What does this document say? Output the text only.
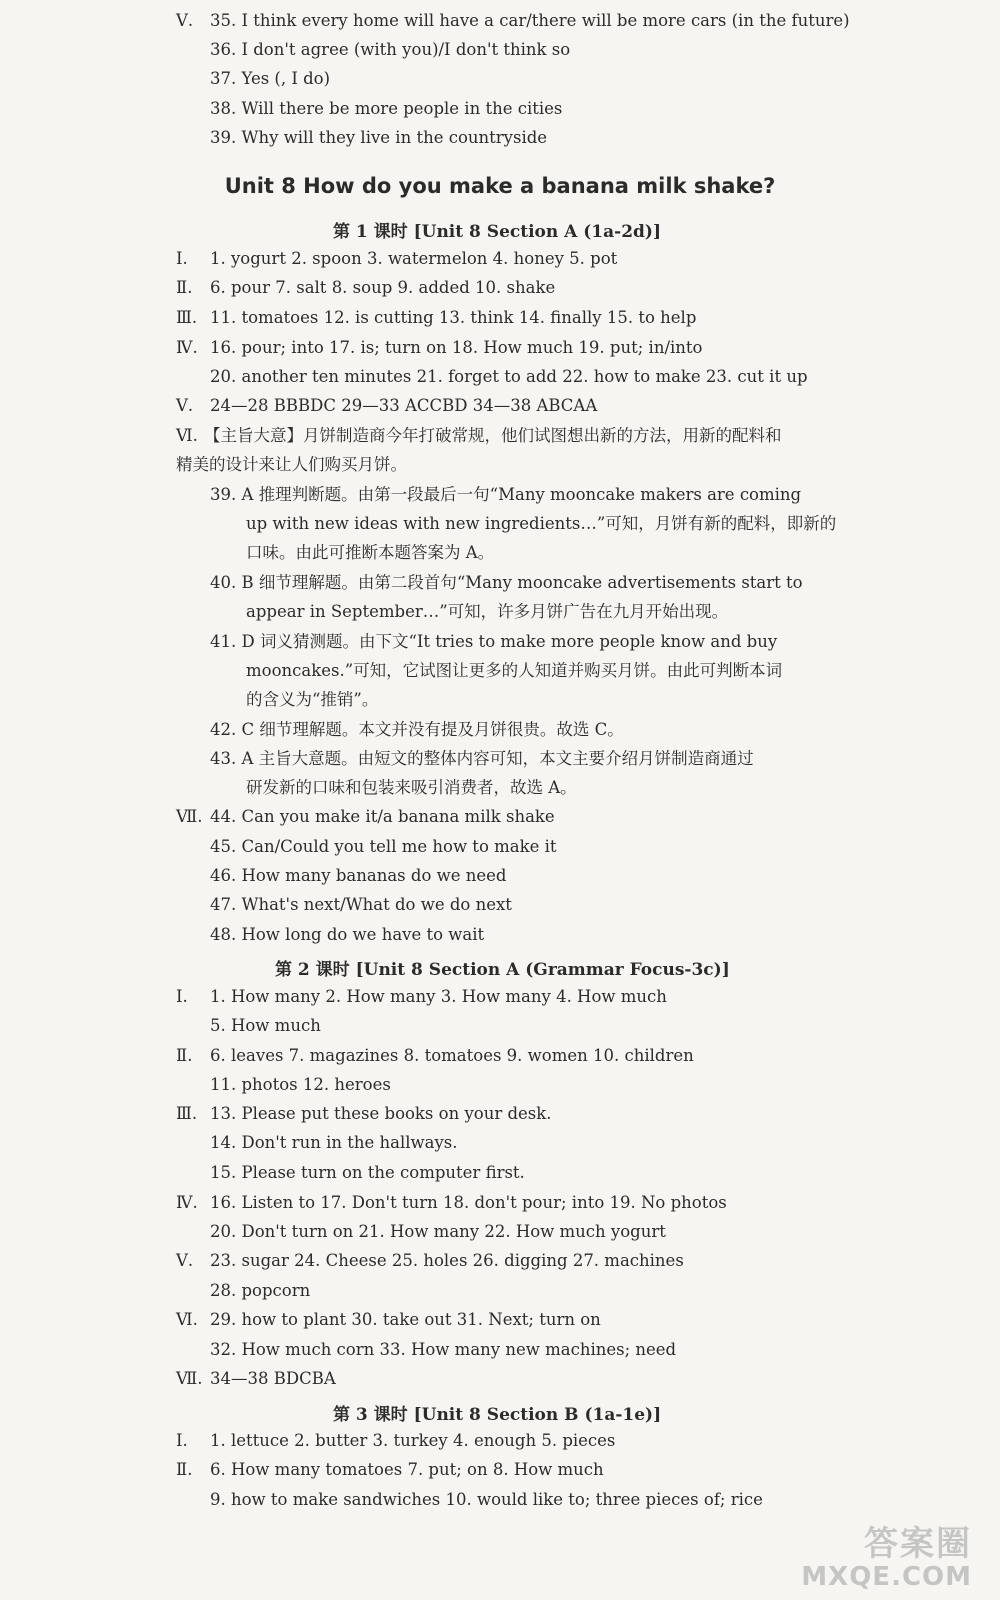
Ⅴ. 35. I think every home will have a car/there will be more cars (in the future)
36. I don't agree (with you)/I don't think so
37. Yes (, I do)
38. Will there be more people in the cities
39. Why will they live in the countryside
Unit 8 How do you make a banana milk shake?
第 1 课时 [Unit 8 Section A (1a-2d)]
Ⅰ. 1. yogurt 2. spoon 3. watermelon 4. honey 5. pot
Ⅱ. 6. pour 7. salt 8. soup 9. added 10. shake
Ⅲ. 11. tomatoes 12. is cutting 13. think 14. finally 15. to help
Ⅳ. 16. pour; into 17. is; turn on 18. How much 19. put; in/into
20. another ten minutes 21. forget to add 22. how to make 23. cut it up
Ⅴ. 24—28 BBBDC 29—33 ACCBD 34—38 ABCAA
Ⅵ. 【主旨大意】月饼制造商今年打破常规，他们试图想出新的方法，用新的配料和
精美的设计来让人们购买月饼。
39. A 推理判断题。由第一段最后一句“Many mooncake makers are coming
up with new ideas with new ingredients…”可知，月饼有新的配料，即新的
口味。由此可推断本题答案为 A。
40. B 细节理解题。由第二段首句“Many mooncake advertisements start to
appear in September…”可知，许多月饼广告在九月开始出现。
41. D 词义猜测题。由下文“It tries to make more people know and buy
mooncakes.”可知，它试图让更多的人知道并购买月饼。由此可判断本词
的含义为“推销”。
42. C 细节理解题。本文并没有提及月饼很贵。故选 C。
43. A 主旨大意题。由短文的整体内容可知，本文主要介绍月饼制造商通过
研发新的口味和包装来吸引消费者，故选 A。
Ⅶ. 44. Can you make it/a banana milk shake
45. Can/Could you tell me how to make it
46. How many bananas do we need
47. What's next/What do we do next
48. How long do we have to wait
第 2 课时 [Unit 8 Section A (Grammar Focus-3c)]
Ⅰ. 1. How many 2. How many 3. How many 4. How much
5. How much
Ⅱ. 6. leaves 7. magazines 8. tomatoes 9. women 10. children
11. photos 12. heroes
Ⅲ. 13. Please put these books on your desk.
14. Don't run in the hallways.
15. Please turn on the computer first.
Ⅳ. 16. Listen to 17. Don't turn 18. don't pour; into 19. No photos
20. Don't turn on 21. How many 22. How much yogurt
Ⅴ. 23. sugar 24. Cheese 25. holes 26. digging 27. machines
28. popcorn
Ⅵ. 29. how to plant 30. take out 31. Next; turn on
32. How much corn 33. How many new machines; need
Ⅶ. 34—38 BDCBA
第 3 课时 [Unit 8 Section B (1a-1e)]
Ⅰ. 1. lettuce 2. butter 3. turkey 4. enough 5. pieces
Ⅱ. 6. How many tomatoes 7. put; on 8. How much
9. how to make sandwiches 10. would like to; three pieces of; rice
答案圈
MXQE.COM
